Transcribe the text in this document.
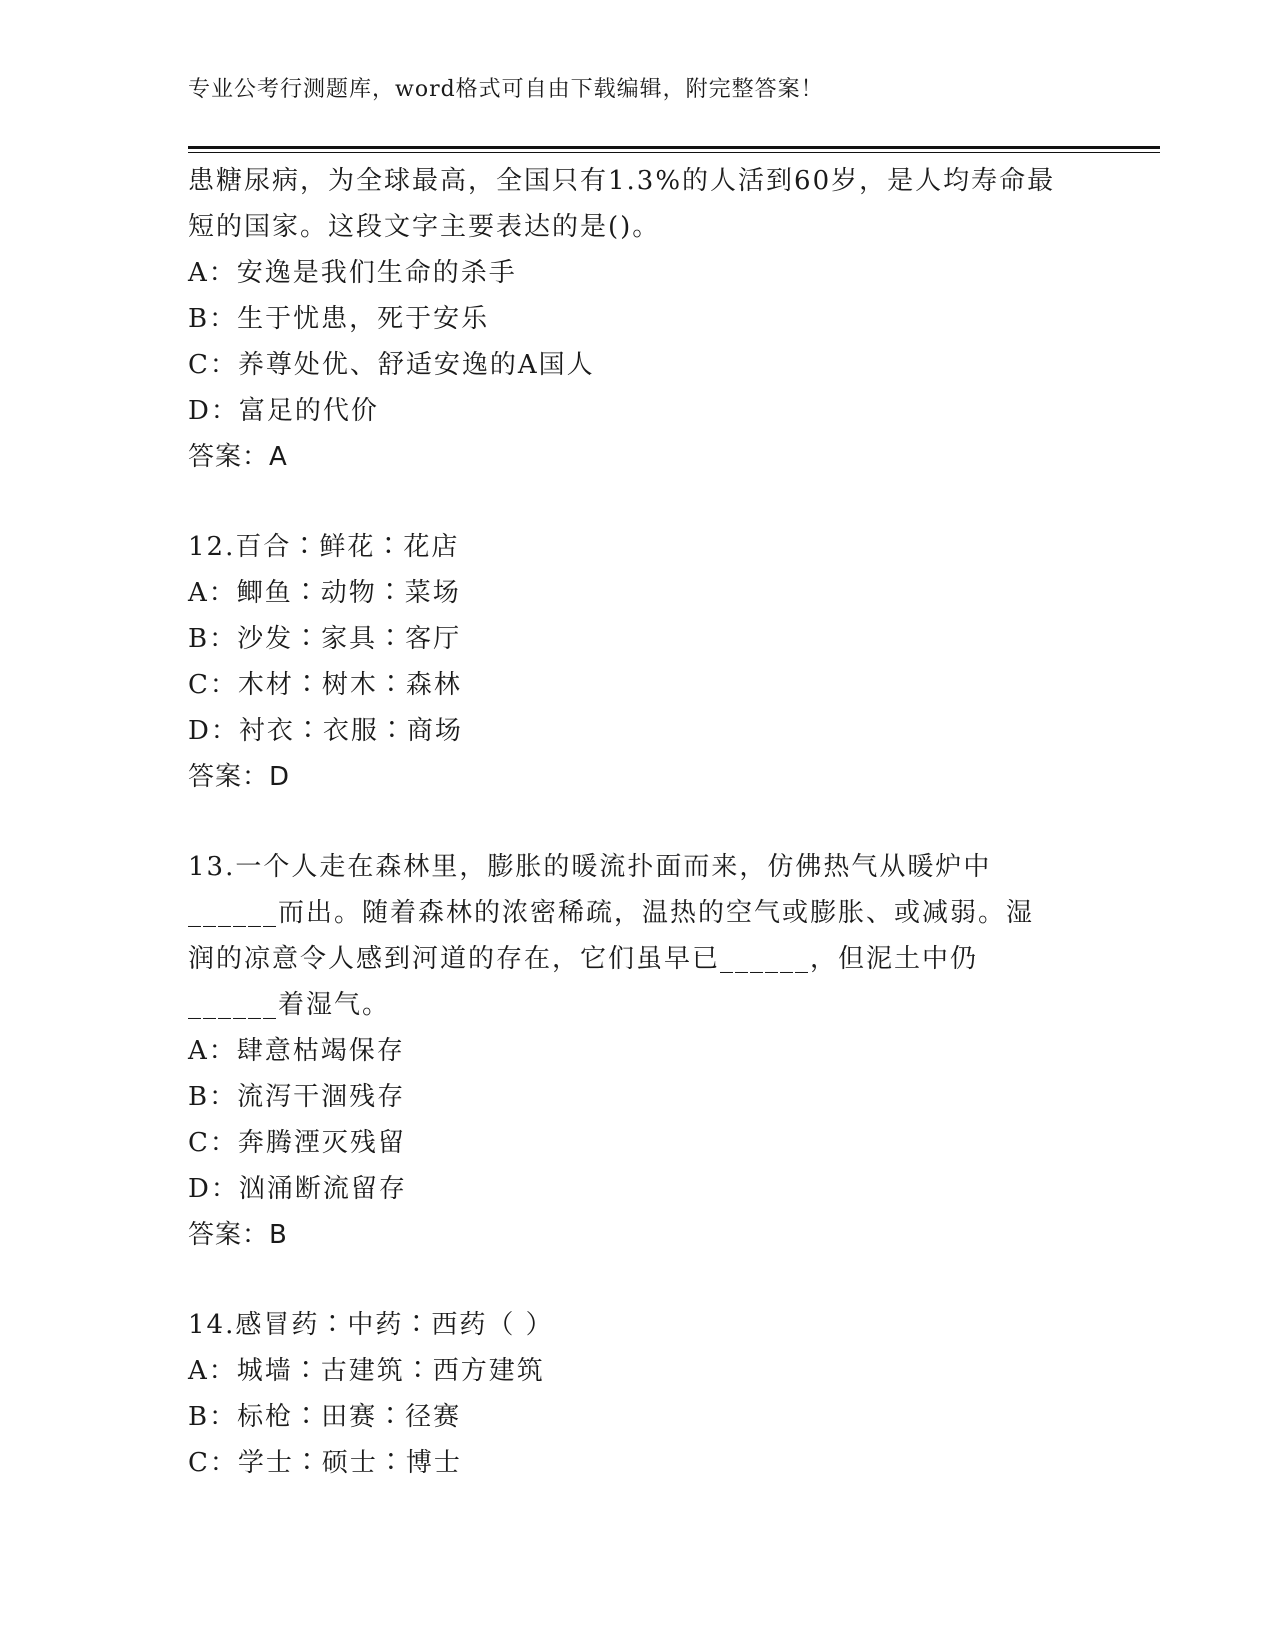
专业公考行测题库，word格式可自由下载编辑，附完整答案！
患糖尿病，为全球最高，全国只有1.3%的人活到60岁，是人均寿命最
短的国家。这段文字主要表达的是()。
A：安逸是我们生命的杀手
B：生于忧患，死于安乐
C：养尊处优、舒适安逸的A国人
D：富足的代价
答案：A
12.百合∶鲜花∶花店
A：鲫鱼∶动物∶菜场
B：沙发∶家具∶客厅
C：木材∶树木∶森林
D：衬衣∶衣服∶商场
答案：D
13.一个人走在森林里，膨胀的暖流扑面而来，仿佛热气从暖炉中
______而出。随着森林的浓密稀疏，温热的空气或膨胀、或减弱。湿
润的凉意令人感到河道的存在，它们虽早已______，但泥土中仍
______着湿气。
A：肆意枯竭保存
B：流泻干涸残存
C：奔腾湮灭残留
D：汹涌断流留存
答案：B
14.感冒药∶中药∶西药（ ）
A：城墙∶古建筑∶西方建筑
B：标枪∶田赛∶径赛
C：学士∶硕士∶博士
